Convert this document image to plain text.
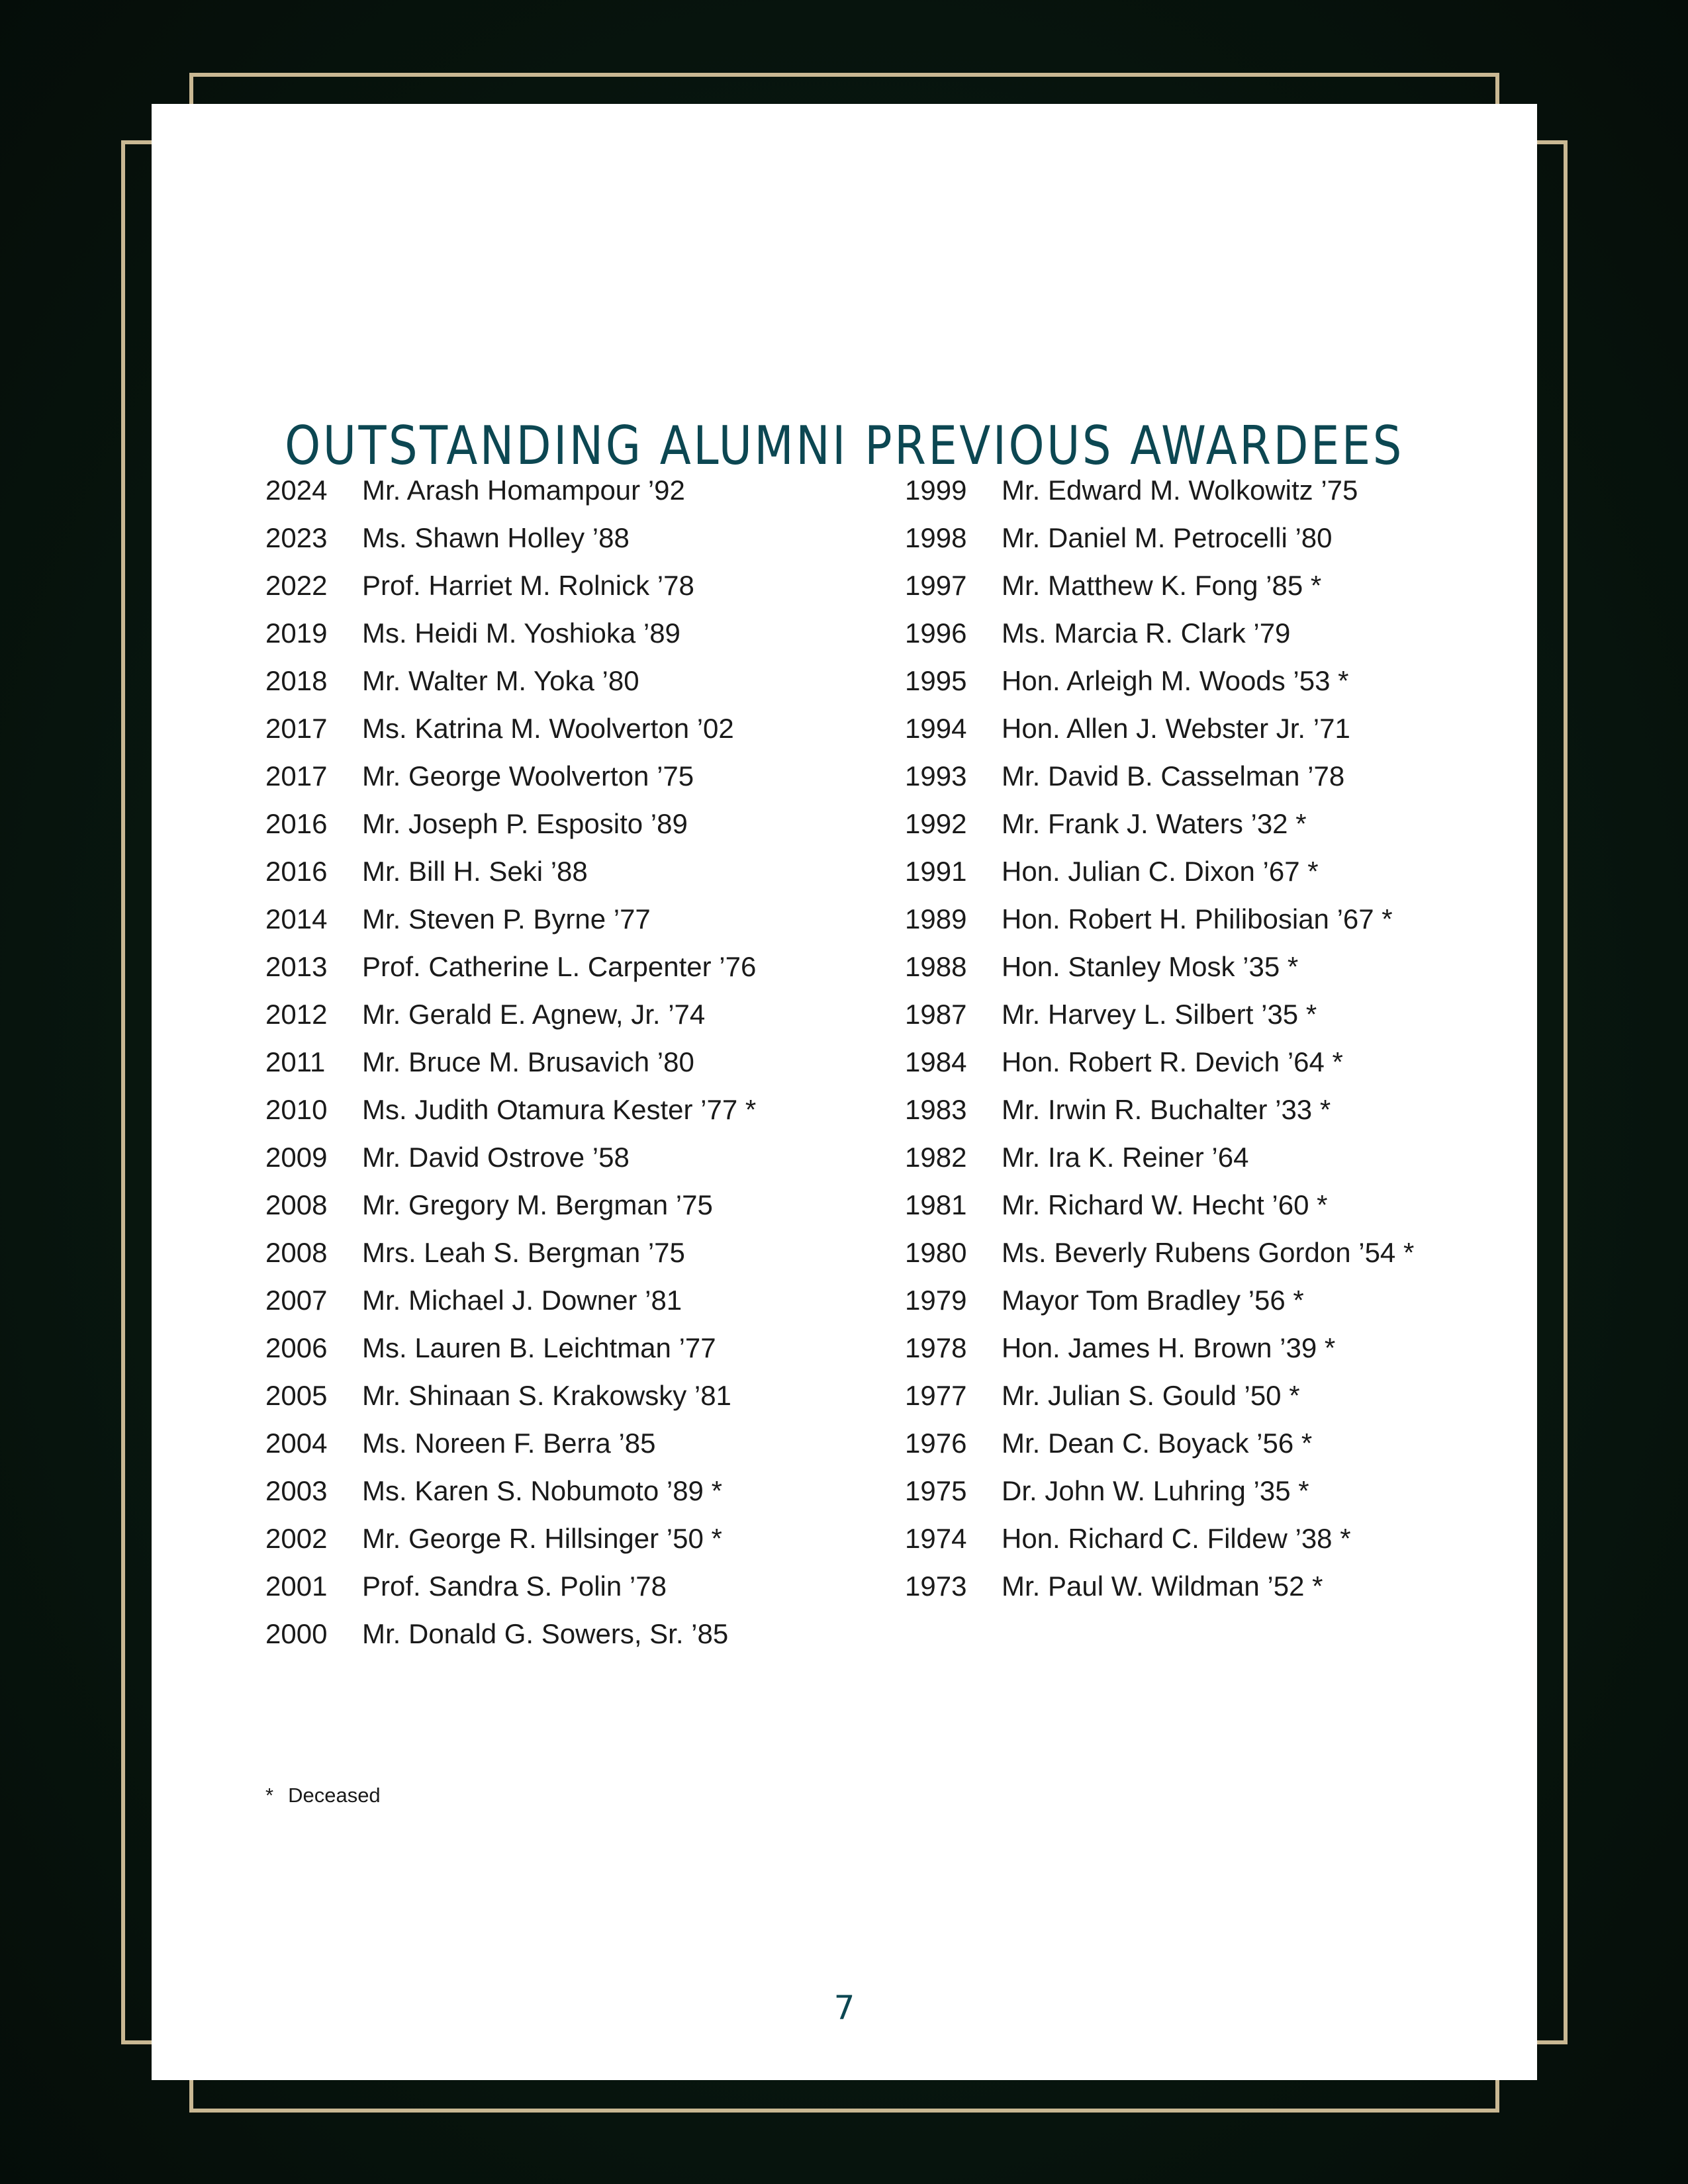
OUTSTANDING ALUMNI PREVIOUS AWARDEES
2024 Mr. Arash Homampour ’92
2023 Ms. Shawn Holley ’88
2022 Prof. Harriet M. Rolnick ’78
2019 Ms. Heidi M. Yoshioka ’89
2018 Mr. Walter M. Yoka ’80
2017 Ms. Katrina M. Woolverton ’02
2017 Mr. George Woolverton ’75
2016 Mr. Joseph P. Esposito ’89
2016 Mr. Bill H. Seki ’88
2014 Mr. Steven P. Byrne ’77
2013 Prof. Catherine L. Carpenter ’76
2012 Mr. Gerald E. Agnew, Jr. ’74
2011 Mr. Bruce M. Brusavich ’80
2010 Ms. Judith Otamura Kester ’77 *
2009 Mr. David Ostrove ’58
2008 Mr. Gregory M. Bergman ’75
2008 Mrs. Leah S. Bergman ’75
2007 Mr. Michael J. Downer ’81
2006 Ms. Lauren B. Leichtman ’77
2005 Mr. Shinaan S. Krakowsky ’81
2004 Ms. Noreen F. Berra ’85
2003 Ms. Karen S. Nobumoto ’89 *
2002 Mr. George R. Hillsinger ’50 *
2001 Prof. Sandra S. Polin ’78
2000 Mr. Donald G. Sowers, Sr. ’85
1999 Mr. Edward M. Wolkowitz ’75
1998 Mr. Daniel M. Petrocelli ’80
1997 Mr. Matthew K. Fong ’85 *
1996 Ms. Marcia R. Clark ’79
1995 Hon. Arleigh M. Woods ’53 *
1994 Hon. Allen J. Webster Jr. ’71
1993 Mr. David B. Casselman ’78
1992 Mr. Frank J. Waters ’32 *
1991 Hon. Julian C. Dixon ’67 *
1989 Hon. Robert H. Philibosian ’67 *
1988 Hon. Stanley Mosk ’35 *
1987 Mr. Harvey L. Silbert ’35 *
1984 Hon. Robert R. Devich ’64 *
1983 Mr. Irwin R. Buchalter ’33 *
1982 Mr. Ira K. Reiner ’64
1981 Mr. Richard W. Hecht ’60 *
1980 Ms. Beverly Rubens Gordon ’54 *
1979 Mayor Tom Bradley ’56 *
1978 Hon. James H. Brown ’39 *
1977 Mr. Julian S. Gould ’50 *
1976 Mr. Dean C. Boyack ’56 *
1975 Dr. John W. Luhring ’35 *
1974 Hon. Richard C. Fildew ’38 *
1973 Mr. Paul W. Wildman ’52 *
* Deceased
7
